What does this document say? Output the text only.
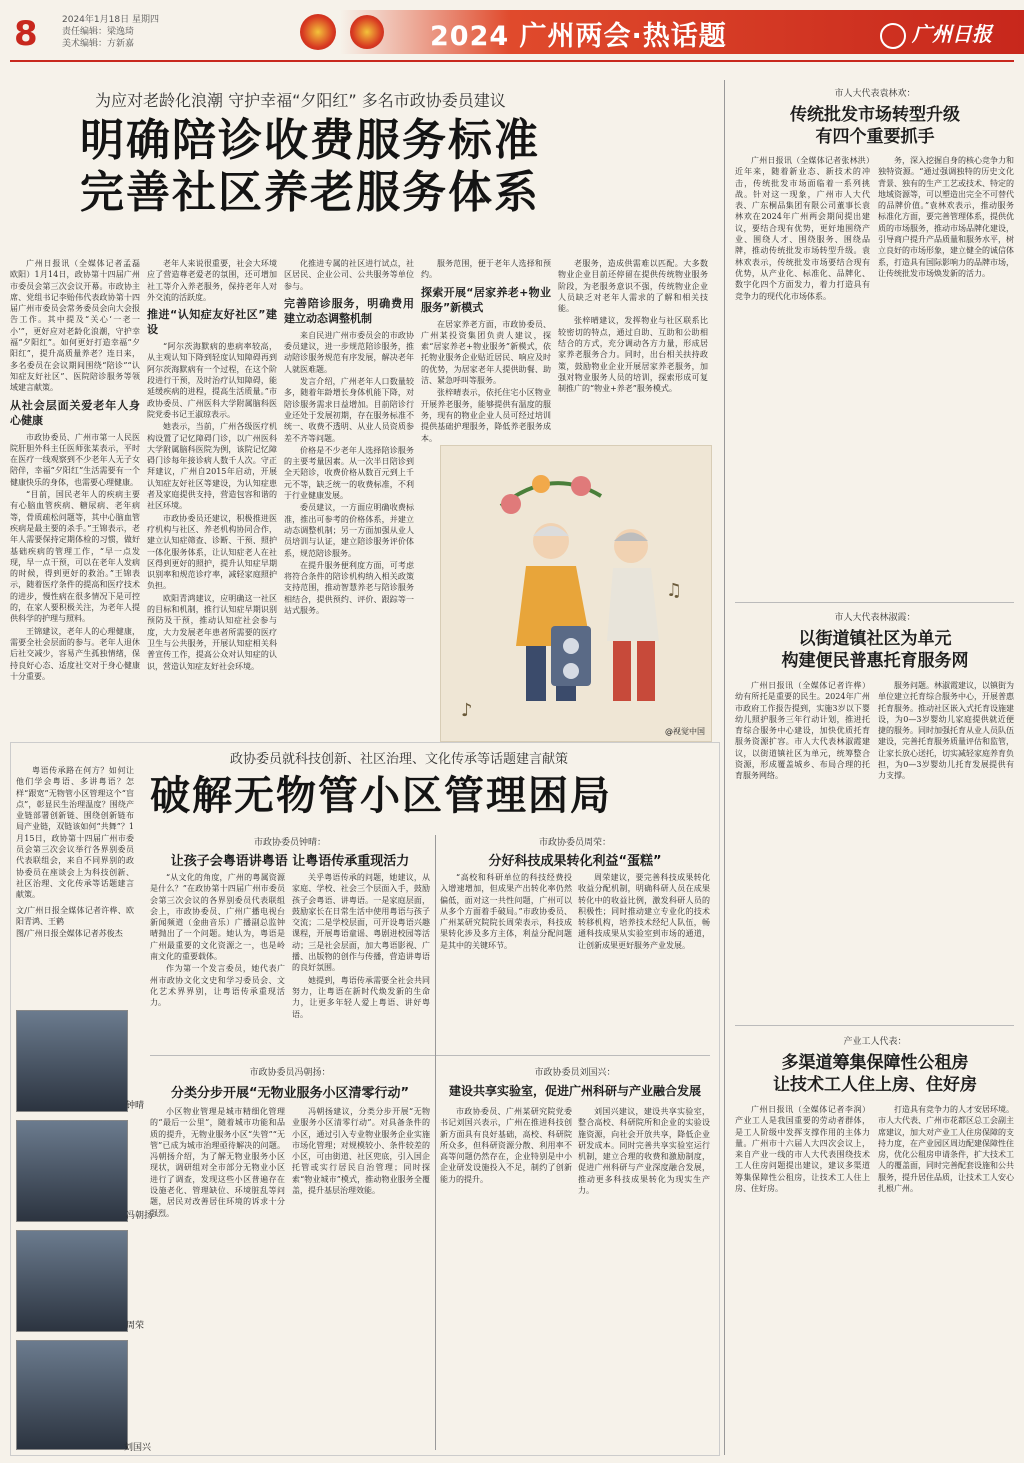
8	2024年1月18日 星期四
责任编辑：梁逸琦
美术编辑：方新嘉	2024 广州两会·热话题	广州日报
为应对老龄化浪潮 守护幸福“夕阳红” 多名市政协委员建议
明确陪诊收费服务标准
完善社区养老服务体系

广州日报讯（全媒体记者孟磊 欧阳）1月14日，政协第十四届广州市委员会第三次会议开幕。市政协主席、党组书记李贻伟代表政协第十四届广州市委员会常务委员会向大会报告工作。其中提及“关心‘一老一小’”，更好应对老龄化浪潮，守护幸福“夕阳红”。如何更好打造幸福“夕阳红”，提升高质量养老？连日来，多名委员在会议期间围绕“陪诊”“认知症友好社区”、医院陪诊服务等领域建言献策。

从社会层面关爱老年人身心健康

市政协委员、广州市第一人民医院肝胆外科主任医师张某表示，平时在医疗一线观察到不少老年人无子女陪伴，幸福“夕阳红”生活需要有一个健康快乐的身体，也需要心理健康。

“目前，国民老年人的疾病主要有心脑血管疾病、糖尿病、老年病等，骨质疏松问题等，其中心脑血管疾病是最主要的杀手。”王锦表示，老年人需要保持定期体检的习惯，做好基础疾病的管理工作，“早一点发现，早一点干预，可以在老年人发病的时候，得到更好的救治。”王锦表示，随着医疗条件的提高和医疗技术的进步，慢性病在很多情况下是可控的，在家人要积极关注，为老年人提供科学的护理与照料。

王锦建议，老年人的心理健康，需要全社会层面的参与。老年人退休后社交减少，容易产生孤独情绪，保持良好心态、适度社交对于身心健康十分重要。

老年人来说很重要，社会大环境应了营造尊老爱老的氛围，还可增加社工等介入养老服务，保持老年人对外交流的活跃度。

推进“认知症友好社区”建设

“阿尔茨海默病的患病率较高，从主观认知下降到轻度认知障碍再到阿尔茨海默病有一个过程，在这个阶段进行干预，及时治疗认知障碍，能延缓疾病的进程，提高生活质量。”市政协委员、广州医科大学附属脑科医院党委书记王淑琼表示。

她表示，当前，广州各级医疗机构设置了记忆障碍门诊，以广州医科大学附属脑科医院为例，该院记忆障碍门诊每年接诊病人数千人次。守正拜建议，广州自2015年启动，开展认知症友好社区等建设，为认知症患者及家庭提供支持，营造包容和谐的社区环境。

市政协委员还建议，积极推进医疗机构与社区、养老机构协同合作，建立认知症筛查、诊断、干预、照护一体化服务体系，让认知症老人在社区得到更好的照护，提升认知症早期识别率和规范诊疗率，减轻家庭照护负担。

欧阳青鸿建议，应明确这一社区的目标和机制，推行认知症早期识别预防及干预，推动认知症社会参与度，大力发展老年患者所需要的医疗卫生与公共服务，开展认知症相关科普宣传工作，提高公众对认知症的认识，营造认知症友好社会环境。

化推进专属的社区进行试点，社区居民、企业公司、公共服务等单位参与。

完善陪诊服务，明确费用建立动态调整机制

来自民进广州市委员会的市政协委员建议，进一步规范陪诊服务，推动陪诊服务规范有序发展，解决老年人就医难题。

发言介绍，广州老年人口数量较多，随着年龄增长身体机能下降，对陪诊服务需求日益增加。目前陪诊行业还处于发展初期，存在服务标准不统一、收费不透明、从业人员资质参差不齐等问题。

价格是不少老年人选择陪诊服务的主要考量因素。从一次半日陪诊到全天陪诊，收费价格从数百元到上千元不等，缺乏统一的收费标准，不利于行业健康发展。

委员建议，一方面应明确收费标准，推出可参考的价格体系，并建立动态调整机制；另一方面加强从业人员培训与认证，建立陪诊服务评价体系，规范陪诊服务。

在提升服务便利度方面，可考虑将符合条件的陪诊机构纳入相关政策支持范围，推动智慧养老与陪诊服务相结合，提供预约、评价、跟踪等一站式服务。

服务范围，便于老年人选择和预约。

探索开展“居家养老+物业服务”新模式

在居家养老方面，市政协委员、广州某投资集团负责人建议，探索“居家养老+物业服务”新模式，依托物业服务企业贴近居民、响应及时的优势，为居家老年人提供助餐、助洁、紧急呼叫等服务。

张梓晴表示，依托住宅小区物业开展养老服务，能够提供有温度的服务，现有的物业企业人员可经过培训提供基础护理服务，降低养老服务成本。

老服务，造成供需难以匹配。大多数物业企业目前还停留在提供传统物业服务阶段，为老服务意识不强，传统物业企业人员缺乏对老年人需求的了解和相关技能。

张梓晴建议，发挥物业与社区联系比较密切的特点，通过自助、互助和公助相结合的方式，充分调动各方力量，形成居家养老服务合力。同时，出台相关扶持政策，鼓励物业企业开展居家养老服务，加强对物业服务人员的培训，探索形成可复制推广的“物业+养老”服务模式。

♪
♫
@视觉中国
市人大代表袁林欢：
传统批发市场转型升级
有四个重要抓手

广州日报讯（全媒体记者张林洪）近年来，随着新业态、新技术的冲击，传统批发市场面临着一系列挑战。针对这一现象，广州市人大代表、广东桐品集团有限公司董事长袁林欢在2024年广州两会期间提出建议，要结合现有优势，更好地围绕产业、围绕人才、围绕服务、围绕品牌，推动传统批发市场转型升级。袁林欢表示，传统批发市场要结合现有优势，从产业化、标准化、品牌化、数字化四个方面发力，着力打造具有竞争力的现代化市场体系。

务，深入挖掘自身的核心竞争力和独特资源。“通过强调独特的历史文化背景、独有的生产工艺或技术、特定的地域资源等，可以塑造出完全不可替代的品牌价值。”袁林欢表示，推动服务标准化方面，要完善管理体系，提供优质的市场服务，推动市场品牌化建设，引导商户提升产品质量和服务水平，树立良好的市场形象，建立健全的诚信体系，打造具有国际影响力的品牌市场，让传统批发市场焕发新的活力。

市人大代表林淑霞：
以街道镇社区为单元
构建便民普惠托育服务网

广州日报讯（全媒体记者许桦）幼有所托是重要的民生。2024年广州市政府工作报告提到，实施3岁以下婴幼儿照护服务三年行动计划，推进托育综合服务中心建设，加快优质托育服务资源扩容。市人大代表林淑霞建议，以街道镇社区为单元，统筹整合资源，形成覆盖城乡、布局合理的托育服务网络。

服务问题。林淑霞建议，以镇街为单位建立托育综合服务中心，开展普惠托育服务。推动社区嵌入式托育设施建设，为0—3岁婴幼儿家庭提供就近便捷的服务。同时加强托育从业人员队伍建设，完善托育服务质量评估和监管，让家长放心送托，切实减轻家庭养育负担，为0—3岁婴幼儿托育发展提供有力支撑。

产业工人代表：
多渠道筹集保障性公租房
让技术工人住上房、住好房

广州日报讯（全媒体记者李润）产业工人是我国重要的劳动者群体，是工人阶级中发挥支撑作用的主体力量。广州市十六届人大四次会议上，来自产业一线的市人大代表围绕技术工人住房问题提出建议，建议多渠道筹集保障性公租房，让技术工人住上房、住好房。

打造具有竞争力的人才安居环境。市人大代表、广州市花都区总工会副主席建议，加大对产业工人住房保障的支持力度，在产业园区周边配建保障性住房，优化公租房申请条件，扩大技术工人的覆盖面，同时完善配套设施和公共服务，提升居住品质，让技术工人安心扎根广州。

粤语传承路在何方？如何让他们学会粤语、多讲粤语？怎样“跟宽”无物管小区管理这个“盲点”，彰显民生治理温度？围绕产业链部署创新链、围绕创新链布局产业链，双链该如何“共舞”？1月15日，政协第十四届广州市委员会第三次会议举行各界别委员代表联组会，来自不同界别的政协委员在座谈会上为科技创新、社区治理、文化传承等话题建言献策。

文/广州日报全媒体记者许桦、欧阳青鸿、王鹤

图/广州日报全媒体记者苏俊杰

钟晴
冯朝扬
周荣
刘国兴
政协委员就科技创新、社区治理、文化传承等话题建言献策
破解无物管小区管理困局
市政协委员钟晴：
让孩子会粤语讲粤语 让粤语传承重现活力

“从文化的角度，广州的粤属资源是什么？”在政协第十四届广州市委员会第三次会议的各界别委员代表联组会上，市政协委员、广州广播电视台新闻频道（金曲音乐）广播副总监钟晴抛出了一个问题。她认为，粤语是广州最重要的文化资源之一，也是岭南文化的重要载体。

作为第一个发言委员，她代表广州市政协文化文史和学习委员会、文化艺术界界别，让粤语传承重现活力。

关乎粤语传承的问题，她建议，从家庭、学校、社会三个层面入手，鼓励孩子会粤语、讲粤语。一是家庭层面，鼓励家长在日常生活中使用粤语与孩子交流；二是学校层面，可开设粤语兴趣课程，开展粤语童谣、粤剧进校园等活动；三是社会层面，加大粤语影视、广播、出版物的创作与传播，营造讲粤语的良好氛围。

她提到，粤语传承需要全社会共同努力，让粤语在新时代焕发新的生命力，让更多年轻人爱上粤语、讲好粤语。

市政协委员周荣：
分好科技成果转化利益“蛋糕”

“高校和科研单位的科技经费投入增速增加，但成果产出转化率仍然偏低，面对这一共性问题，广州可以从多个方面着手破局。”市政协委员、广州某研究院院长周荣表示，科技成果转化涉及多方主体，利益分配问题是其中的关键环节。

周荣建议，要完善科技成果转化收益分配机制，明确科研人员在成果转化中的收益比例，激发科研人员的积极性；同时推动建立专业化的技术转移机构，培养技术经纪人队伍，畅通科技成果从实验室到市场的通道，让创新成果更好服务产业发展。

市政协委员冯朝扬：
分类分步开展“无物业服务小区清零行动”

小区物业管理是城市精细化管理的“最后一公里”，随着城市功能和品质的提升，无物业服务小区“失管”“无管”已成为城市治理亟待解决的问题。冯朝扬介绍，为了解无物业服务小区现状，调研组对全市部分无物业小区进行了调查，发现这些小区普遍存在设施老化、管理缺位、环境脏乱等问题，居民对改善居住环境的诉求十分强烈。

冯朝扬建议，分类分步开展“无物业服务小区清零行动”。对具备条件的小区，通过引入专业物业服务企业实施市场化管理；对规模较小、条件较差的小区，可由街道、社区兜底，引入国企托管或实行居民自治管理；同时探索“物业城市”模式，推动物业服务全覆盖，提升基层治理效能。

市政协委员刘国兴：
建设共享实验室，促进广州科研与产业融合发展

市政协委员、广州某研究院党委书记刘国兴表示，广州在推进科技创新方面具有良好基础，高校、科研院所众多，但科研资源分散、利用率不高等问题仍然存在，企业特别是中小企业研发设施投入不足，制约了创新能力的提升。

刘国兴建议，建设共享实验室，整合高校、科研院所和企业的实验设施资源，向社会开放共享，降低企业研发成本。同时完善共享实验室运行机制，建立合理的收费和激励制度，促进广州科研与产业深度融合发展，推动更多科技成果转化为现实生产力。
